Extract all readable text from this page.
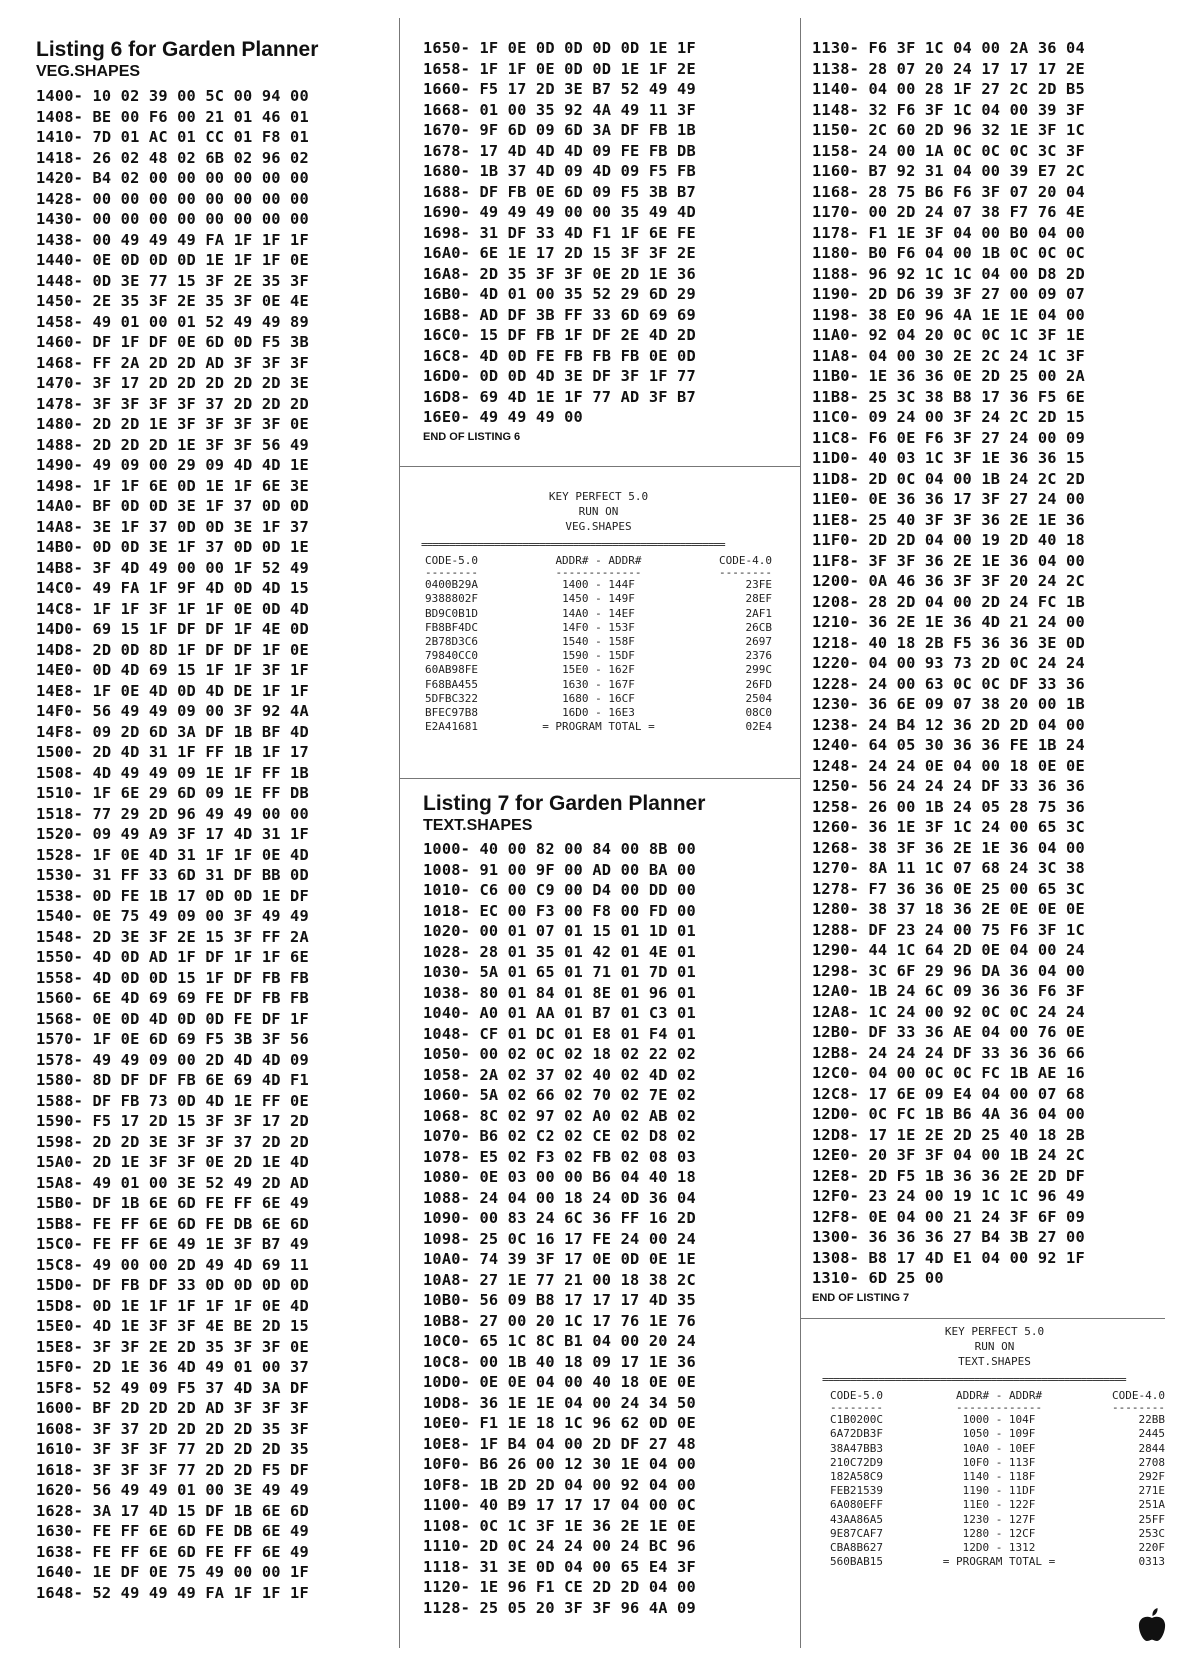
Listing 6 for Garden Planner
VEG.SHAPES
1400- 10 02 39 00 5C 00 94 00
1408- BE 00 F6 00 21 01 46 01
1410- 7D 01 AC 01 CC 01 F8 01
1418- 26 02 48 02 6B 02 96 02
1420- B4 02 00 00 00 00 00 00
1428- 00 00 00 00 00 00 00 00
1430- 00 00 00 00 00 00 00 00
1438- 00 49 49 49 FA 1F 1F 1F
1440- 0E 0D 0D 0D 1E 1F 1F 0E
1448- 0D 3E 77 15 3F 2E 35 3F
1450- 2E 35 3F 2E 35 3F 0E 4E
1458- 49 01 00 01 52 49 49 89
1460- DF 1F DF 0E 6D 0D F5 3B
1468- FF 2A 2D 2D AD 3F 3F 3F
1470- 3F 17 2D 2D 2D 2D 2D 3E
1478- 3F 3F 3F 3F 37 2D 2D 2D
1480- 2D 2D 1E 3F 3F 3F 3F 0E
1488- 2D 2D 2D 1E 3F 3F 56 49
1490- 49 09 00 29 09 4D 4D 1E
1498- 1F 1F 6E 0D 1E 1F 6E 3E
14A0- BF 0D 0D 3E 1F 37 0D 0D
14A8- 3E 1F 37 0D 0D 3E 1F 37
14B0- 0D 0D 3E 1F 37 0D 0D 1E
14B8- 3F 4D 49 00 00 1F 52 49
14C0- 49 FA 1F 9F 4D 0D 4D 15
14C8- 1F 1F 3F 1F 1F 0E 0D 4D
14D0- 69 15 1F DF DF 1F 4E 0D
14D8- 2D 0D 8D 1F DF DF 1F 0E
14E0- 0D 4D 69 15 1F 1F 3F 1F
14E8- 1F 0E 4D 0D 4D DE 1F 1F
14F0- 56 49 49 09 00 3F 92 4A
14F8- 09 2D 6D 3A DF 1B BF 4D
1500- 2D 4D 31 1F FF 1B 1F 17
1508- 4D 49 49 09 1E 1F FF 1B
1510- 1F 6E 29 6D 09 1E FF DB
1518- 77 29 2D 96 49 49 00 00
1520- 09 49 A9 3F 17 4D 31 1F
1528- 1F 0E 4D 31 1F 1F 0E 4D
1530- 31 FF 33 6D 31 DF BB 0D
1538- 0D FE 1B 17 0D 0D 1E DF
1540- 0E 75 49 09 00 3F 49 49
1548- 2D 3E 3F 2E 15 3F FF 2A
1550- 4D 0D AD 1F DF 1F 1F 6E
1558- 4D 0D 0D 15 1F DF FB FB
1560- 6E 4D 69 69 FE DF FB FB
1568- 0E 0D 4D 0D 0D FE DF 1F
1570- 1F 0E 6D 69 F5 3B 3F 56
1578- 49 49 09 00 2D 4D 4D 09
1580- 8D DF DF FB 6E 69 4D F1
1588- DF FB 73 0D 4D 1E FF 0E
1590- F5 17 2D 15 3F 3F 17 2D
1598- 2D 2D 3E 3F 3F 37 2D 2D
15A0- 2D 1E 3F 3F 0E 2D 1E 4D
15A8- 49 01 00 3E 52 49 2D AD
15B0- DF 1B 6E 6D FE FF 6E 49
15B8- FE FF 6E 6D FE DB 6E 6D
15C0- FE FF 6E 49 1E 3F B7 49
15C8- 49 00 00 2D 49 4D 69 11
15D0- DF FB DF 33 0D 0D 0D 0D
15D8- 0D 1E 1F 1F 1F 1F 0E 4D
15E0- 4D 1E 3F 3F 4E BE 2D 15
15E8- 3F 3F 2E 2D 35 3F 3F 0E
15F0- 2D 1E 36 4D 49 01 00 37
15F8- 52 49 09 F5 37 4D 3A DF
1600- BF 2D 2D 2D AD 3F 3F 3F
1608- 3F 37 2D 2D 2D 2D 35 3F
1610- 3F 3F 3F 77 2D 2D 2D 35
1618- 3F 3F 3F 77 2D 2D F5 DF
1620- 56 49 49 01 00 3E 49 49
1628- 3A 17 4D 15 DF 1B 6E 6D
1630- FE FF 6E 6D FE DB 6E 49
1638- FE FF 6E 6D FE FF 6E 49
1640- 1E DF 0E 75 49 00 00 1F
1648- 52 49 49 49 FA 1F 1F 1F
1650- 1F 0E 0D 0D 0D 0D 1E 1F
1658- 1F 1F 0E 0D 0D 1E 1F 2E
1660- F5 17 2D 3E B7 52 49 49
1668- 01 00 35 92 4A 49 11 3F
1670- 9F 6D 09 6D 3A DF FB 1B
1678- 17 4D 4D 4D 09 FE FB DB
1680- 1B 37 4D 09 4D 09 F5 FB
1688- DF FB 0E 6D 09 F5 3B B7
1690- 49 49 49 00 00 35 49 4D
1698- 31 DF 33 4D F1 1F 6E FE
16A0- 6E 1E 17 2D 15 3F 3F 2E
16A8- 2D 35 3F 3F 0E 2D 1E 36
16B0- 4D 01 00 35 52 29 6D 29
16B8- AD DF 3B FF 33 6D 69 69
16C0- 15 DF FB 1F DF 2E 4D 2D
16C8- 4D 0D FE FB FB FB 0E 0D
16D0- 0D 0D 4D 3E DF 3F 1F 77
16D8- 69 4D 1E 1F 77 AD 3F B7
16E0- 49 49 49 00
END OF LISTING 6
KEY PERFECT 5.0
RUN ON
VEG.SHAPES
======================================================
CODE-5.0	ADDR# - ADDR#	CODE-4.0
--------	-------------	--------
0400B29A	1400 - 144F	23FE
9388802F	1450 - 149F	28EF
BD9C0B1D	14A0 - 14EF	2AF1
FB8BF4DC	14F0 - 153F	26CB
2B78D3C6	1540 - 158F	2697
79840CC0	1590 - 15DF	2376
60AB98FE	15E0 - 162F	299C
F68BA455	1630 - 167F	26FD
5DFBC322	1680 - 16CF	2504
BFEC97B8	16D0 - 16E3	08C0
E2A41681	= PROGRAM TOTAL =	02E4
Listing 7 for Garden Planner
TEXT.SHAPES
1000- 40 00 82 00 84 00 8B 00
1008- 91 00 9F 00 AD 00 BA 00
1010- C6 00 C9 00 D4 00 DD 00
1018- EC 00 F3 00 F8 00 FD 00
1020- 00 01 07 01 15 01 1D 01
1028- 28 01 35 01 42 01 4E 01
1030- 5A 01 65 01 71 01 7D 01
1038- 80 01 84 01 8E 01 96 01
1040- A0 01 AA 01 B7 01 C3 01
1048- CF 01 DC 01 E8 01 F4 01
1050- 00 02 0C 02 18 02 22 02
1058- 2A 02 37 02 40 02 4D 02
1060- 5A 02 66 02 70 02 7E 02
1068- 8C 02 97 02 A0 02 AB 02
1070- B6 02 C2 02 CE 02 D8 02
1078- E5 02 F3 02 FB 02 08 03
1080- 0E 03 00 00 B6 04 40 18
1088- 24 04 00 18 24 0D 36 04
1090- 00 83 24 6C 36 FF 16 2D
1098- 25 0C 16 17 FE 24 00 24
10A0- 74 39 3F 17 0E 0D 0E 1E
10A8- 27 1E 77 21 00 18 38 2C
10B0- 56 09 B8 17 17 17 4D 35
10B8- 27 00 20 1C 17 76 1E 76
10C0- 65 1C 8C B1 04 00 20 24
10C8- 00 1B 40 18 09 17 1E 36
10D0- 0E 0E 04 00 40 18 0E 0E
10D8- 36 1E 1E 04 00 24 34 50
10E0- F1 1E 18 1C 96 62 0D 0E
10E8- 1F B4 04 00 2D DF 27 48
10F0- B6 26 00 12 30 1E 04 00
10F8- 1B 2D 2D 04 00 92 04 00
1100- 40 B9 17 17 17 04 00 0C
1108- 0C 1C 3F 1E 36 2E 1E 0E
1110- 2D 0C 24 24 00 24 BC 96
1118- 31 3E 0D 04 00 65 E4 3F
1120- 1E 96 F1 CE 2D 2D 04 00
1128- 25 05 20 3F 3F 96 4A 09
1130- F6 3F 1C 04 00 2A 36 04
1138- 28 07 20 24 17 17 17 2E
1140- 04 00 28 1F 27 2C 2D B5
1148- 32 F6 3F 1C 04 00 39 3F
1150- 2C 60 2D 96 32 1E 3F 1C
1158- 24 00 1A 0C 0C 0C 3C 3F
1160- B7 92 31 04 00 39 E7 2C
1168- 28 75 B6 F6 3F 07 20 04
1170- 00 2D 24 07 38 F7 76 4E
1178- F1 1E 3F 04 00 B0 04 00
1180- B0 F6 04 00 1B 0C 0C 0C
1188- 96 92 1C 1C 04 00 D8 2D
1190- 2D D6 39 3F 27 00 09 07
1198- 38 E0 96 4A 1E 1E 04 00
11A0- 92 04 20 0C 0C 1C 3F 1E
11A8- 04 00 30 2E 2C 24 1C 3F
11B0- 1E 36 36 0E 2D 25 00 2A
11B8- 25 3C 38 B8 17 36 F5 6E
11C0- 09 24 00 3F 24 2C 2D 15
11C8- F6 0E F6 3F 27 24 00 09
11D0- 40 03 1C 3F 1E 36 36 15
11D8- 2D 0C 04 00 1B 24 2C 2D
11E0- 0E 36 36 17 3F 27 24 00
11E8- 25 40 3F 3F 36 2E 1E 36
11F0- 2D 2D 04 00 19 2D 40 18
11F8- 3F 3F 36 2E 1E 36 04 00
1200- 0A 46 36 3F 3F 20 24 2C
1208- 28 2D 04 00 2D 24 FC 1B
1210- 36 2E 1E 36 4D 21 24 00
1218- 40 18 2B F5 36 36 3E 0D
1220- 04 00 93 73 2D 0C 24 24
1228- 24 00 63 0C 0C DF 33 36
1230- 36 6E 09 07 38 20 00 1B
1238- 24 B4 12 36 2D 2D 04 00
1240- 64 05 30 36 36 FE 1B 24
1248- 24 24 0E 04 00 18 0E 0E
1250- 56 24 24 24 DF 33 36 36
1258- 26 00 1B 24 05 28 75 36
1260- 36 1E 3F 1C 24 00 65 3C
1268- 38 3F 36 2E 1E 36 04 00
1270- 8A 11 1C 07 68 24 3C 38
1278- F7 36 36 0E 25 00 65 3C
1280- 38 37 18 36 2E 0E 0E 0E
1288- DF 23 24 00 75 F6 3F 1C
1290- 44 1C 64 2D 0E 04 00 24
1298- 3C 6F 29 96 DA 36 04 00
12A0- 1B 24 6C 09 36 36 F6 3F
12A8- 1C 24 00 92 0C 0C 24 24
12B0- DF 33 36 AE 04 00 76 0E
12B8- 24 24 24 DF 33 36 36 66
12C0- 04 00 0C 0C FC 1B AE 16
12C8- 17 6E 09 E4 04 00 07 68
12D0- 0C FC 1B B6 4A 36 04 00
12D8- 17 1E 2E 2D 25 40 18 2B
12E0- 20 3F 3F 04 00 1B 24 2C
12E8- 2D F5 1B 36 36 2E 2D DF
12F0- 23 24 00 19 1C 1C 96 49
12F8- 0E 04 00 21 24 3F 6F 09
1300- 36 36 36 27 B4 3B 27 00
1308- B8 17 4D E1 04 00 92 1F
1310- 6D 25 00
END OF LISTING 7
KEY PERFECT 5.0
RUN ON
TEXT.SHAPES
======================================================
CODE-5.0	ADDR# - ADDR#	CODE-4.0
--------	-------------	--------
C1B0200C	1000 - 104F	22BB
6A72DB3F	1050 - 109F	2445
38A47BB3	10A0 - 10EF	2844
210C72D9	10F0 - 113F	2708
182A58C9	1140 - 118F	292F
FEB21539	1190 - 11DF	271E
6A080EFF	11E0 - 122F	251A
43AA86A5	1230 - 127F	25FF
9E87CAF7	1280 - 12CF	253C
CBA8B627	12D0 - 1312	220F
560BAB15	= PROGRAM TOTAL =	0313
